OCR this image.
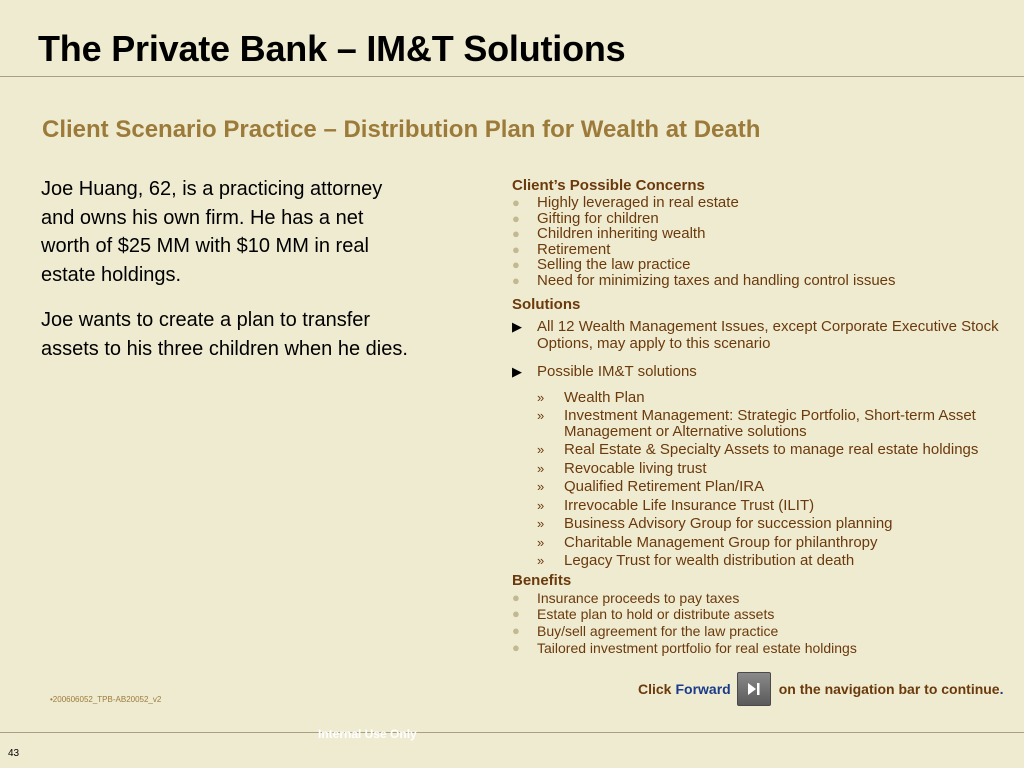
The Private Bank – IM&T Solutions
Client Scenario Practice – Distribution Plan for Wealth at Death

Joe Huang, 62, is a practicing attorney and owns his own firm. He has a net worth of $25 MM with $10 MM in real estate holdings.

Joe wants to create a plan to transfer assets to his three children when he dies.

Client’s Possible Concerns
● Highly leveraged in real estate
● Gifting for children
● Children inheriting wealth
● Retirement
● Selling the law practice
● Need for minimizing taxes and handling control issues
Solutions
▶ All 12 Wealth Management Issues, except Corporate Executive Stock Options, may apply to this scenario
▶ Possible IM&T solutions
» Wealth Plan
» Investment Management: Strategic Portfolio, Short-term Asset Management or Alternative solutions
» Real Estate & Specialty Assets to manage real estate holdings
» Revocable living trust
» Qualified Retirement Plan/IRA
» Irrevocable Life Insurance Trust (ILIT)
» Business Advisory Group for succession planning
» Charitable Management Group for philanthropy
» Legacy Trust for wealth distribution at death
Benefits
● Insurance proceeds to pay taxes
● Estate plan to hold or distribute assets
● Buy/sell agreement for the law practice
● Tailored investment portfolio for real estate holdings
•200606052_TPB-AB20052_v2
Click Forward	on the navigation bar to continue .
Internal Use Only
43
